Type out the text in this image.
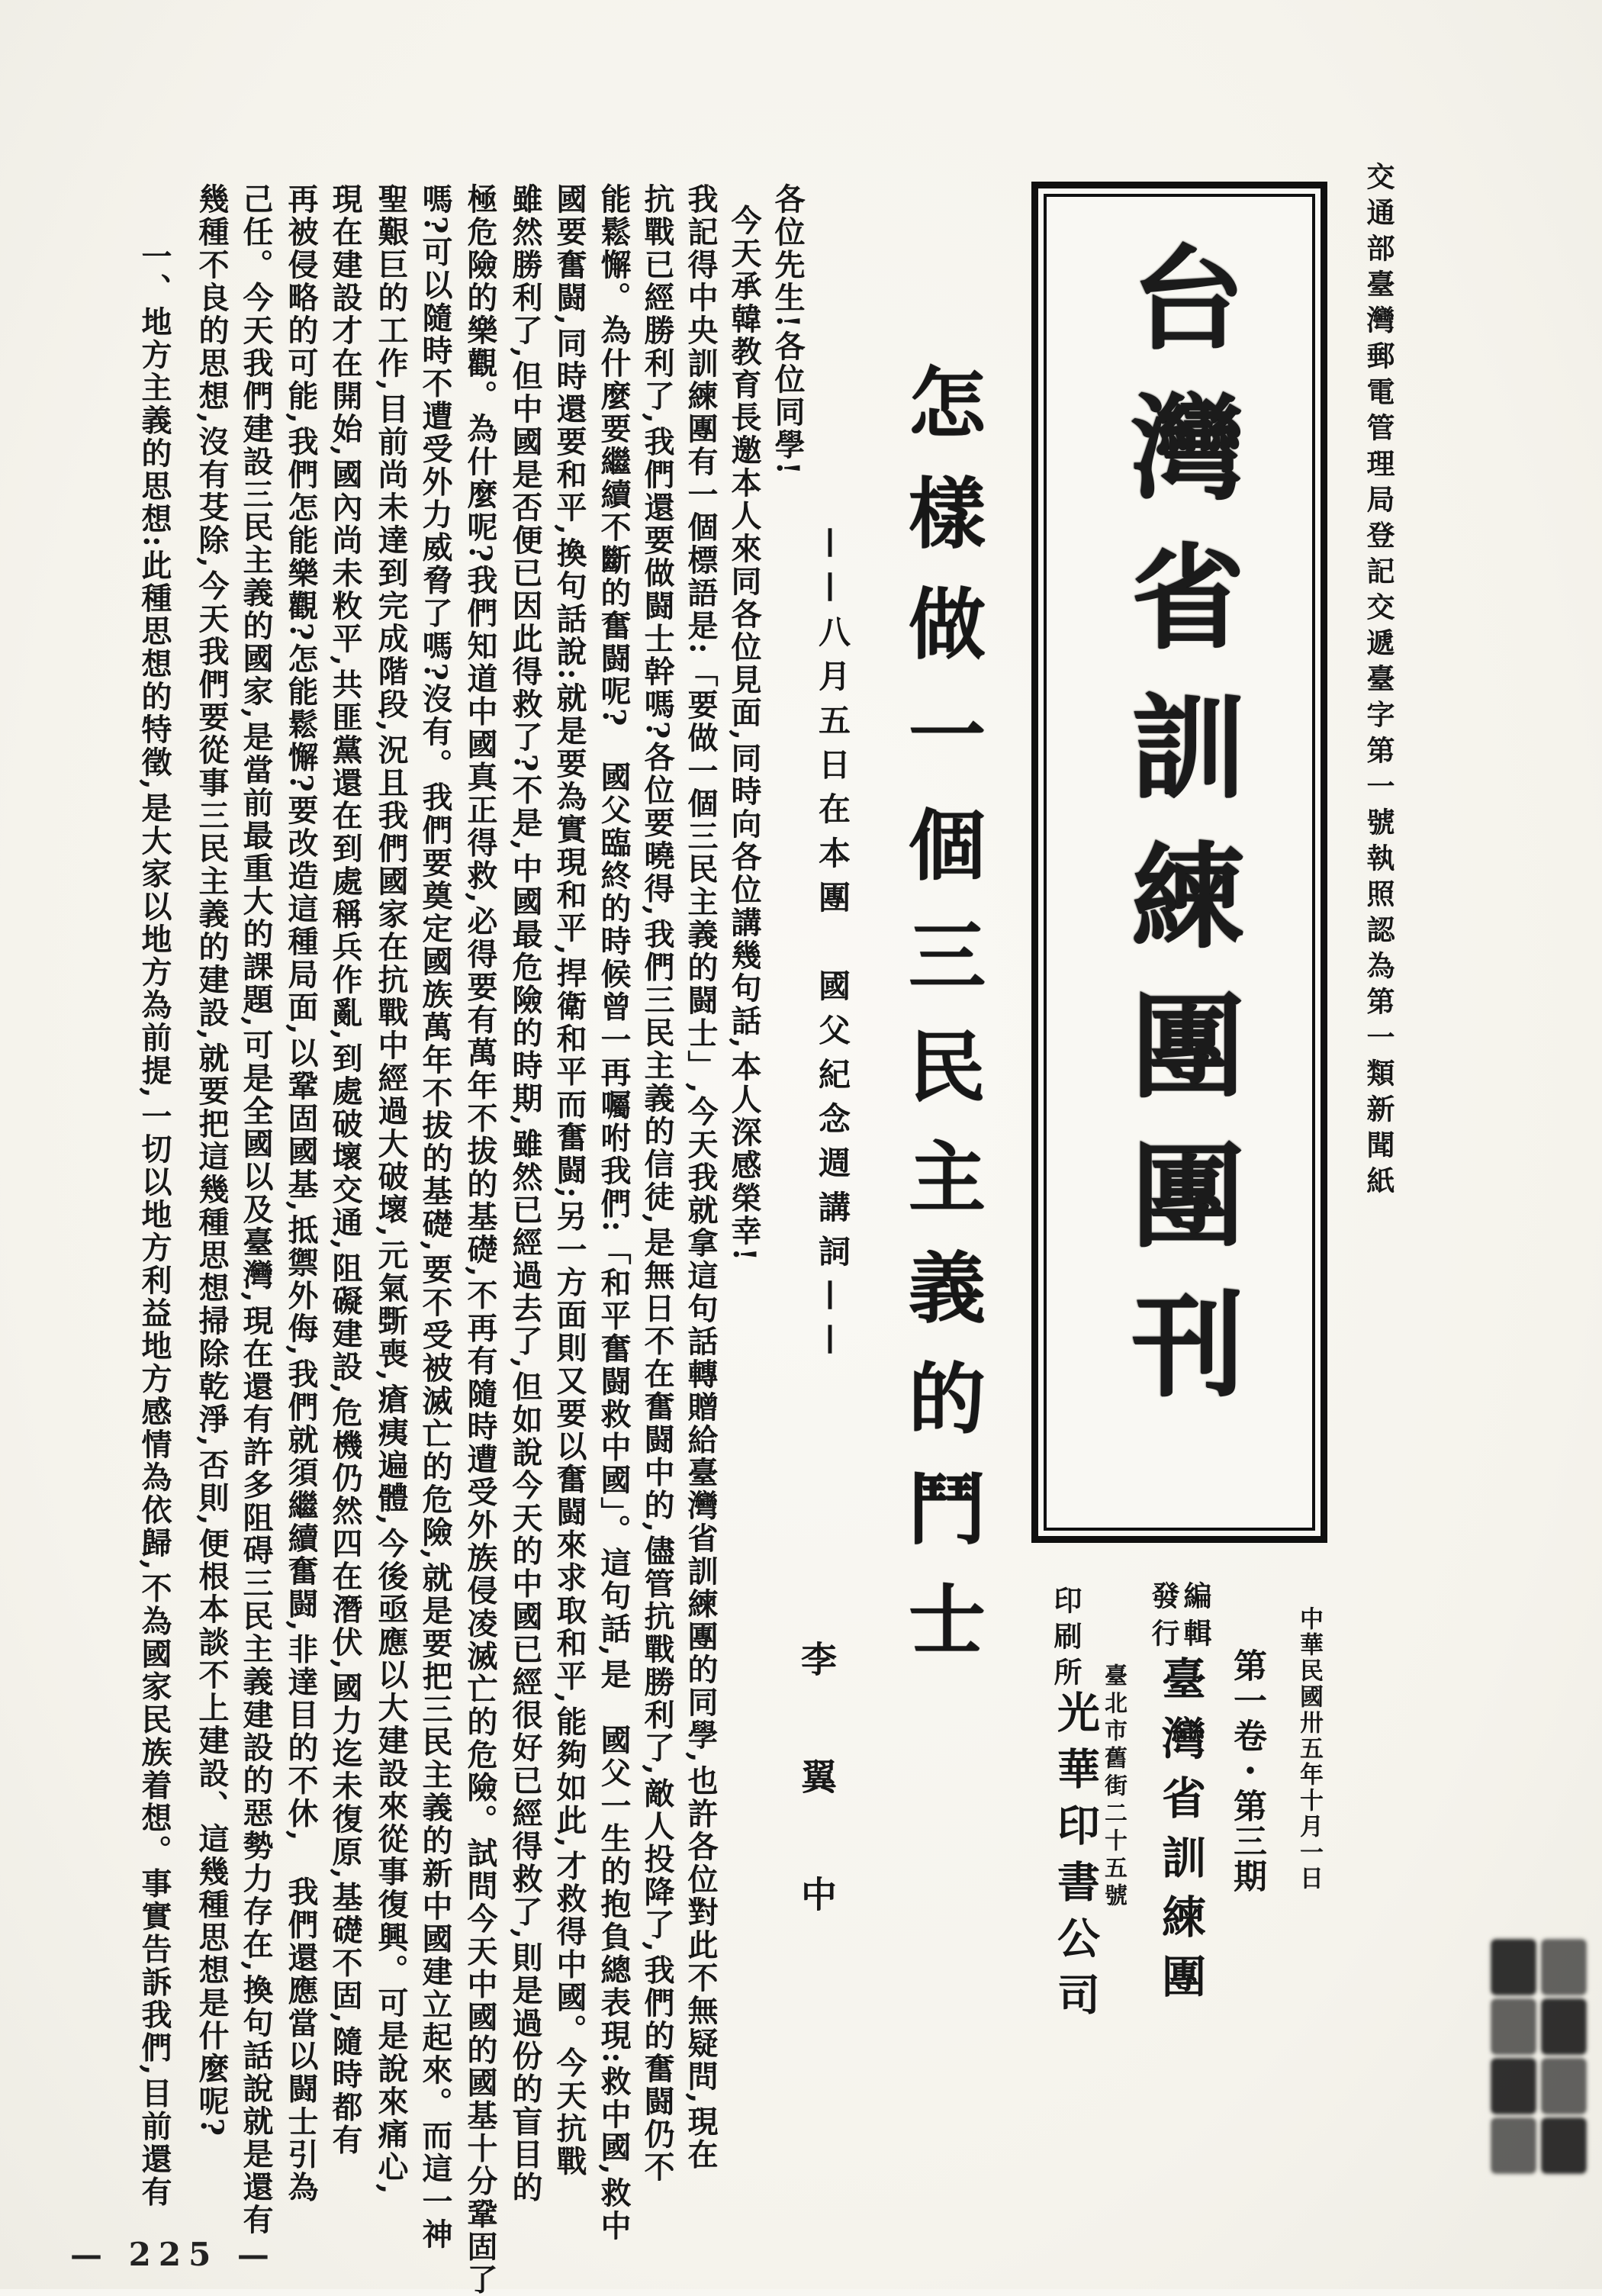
交通部臺灣郵電管理局登記交遞臺字第一號執照認為第一類新聞紙
台灣省訓練團團刊
中華民國卅五年十月一日
第一卷・第三期
編輯
發行
臺灣省訓練團
臺北市舊街二十五號
印刷所
光華印書公司
怎樣做一個三民主義的鬥士
——八月五日在本團　國父紀念週講詞——
李　翼　中
各位先生!各位同學!
今天承韓教育長邀本人來同各位見面,同時向各位講幾句話,本人深感榮幸!
我記得中央訓練團有一個標語是:「要做一個三民主義的闘士」,今天我就拿這句話轉贈給臺灣省訓練團的同學,也許各位對此不無疑問,現在
抗戰已經勝利了,我們還要做闘士幹嗎?各位要曉得,我們三民主義的信徒,是無日不在奮闘中的,儘管抗戰勝利了,敵人投降了,我們的奮闘仍不
能鬆懈。為什麼要繼續不斷的奮闘呢?　國父臨終的時候曾一再囑咐我們:「和平奮闘救中國」。這句話,是　國父一生的抱負總表現:救中國,救中
國要奮闘,同時還要和平,換句話說:就是要為實現和平,捍衛和平而奮闘;另一方面則又要以奮闘來求取和平,能夠如此,才救得中國。今天抗戰
雖然勝利了,但中國是否便已因此得救了?不是,中國最危險的時期,雖然已經過去了,但如說今天的中國已經很好已經得救了,則是過份的盲目的
極危險的樂觀。為什麼呢?我們知道中國真正得救,必得要有萬年不拔的基礎,不再有隨時遭受外族侵凌滅亡的危險。試問今天中國的國基十分鞏固了
嗎?可以隨時不遭受外力威脅了嗎?沒有。我們要奠定國族萬年不拔的基礎,要不受被滅亡的危險,就是要把三民主義的新中國建立起來。而這一神
聖艱巨的工作,目前尚未達到完成階段,況且我們國家在抗戰中經過大破壞,元氣斲喪,瘡痍遍體,今後亟應以大建設來從事復興。可是說來痛心,
現在建設才在開始,國內尚未敉平,共匪黨還在到處稱兵作亂,到處破壞交通,阻礙建設,危機仍然四在潛伏,國力迄未復原,基礎不固,隨時都有
再被侵略的可能,我們怎能樂觀?怎能鬆懈?要改造這種局面,以鞏固國基,抵禦外侮,我們就須繼續奮闘,非達目的不休,　我們還應當以闘士引為
己任。今天我們建設三民主義的國家,是當前最重大的課題,可是全國以及臺灣,現在還有許多阻碍三民主義建設的惡勢力存在,換句話說就是還有
幾種不良的思想,沒有芟除,今天我們要從事三民主義的建設,就要把這幾種思想掃除乾淨,否則,便根本談不上建設、這幾種思想是什麼呢?
一、地方主義的思想:此種思想的特徵,是大家以地方為前提,一切以地方利益地方感情為依歸,不為國家民族着想。事實告訴我們,目前還有
— 225 —
